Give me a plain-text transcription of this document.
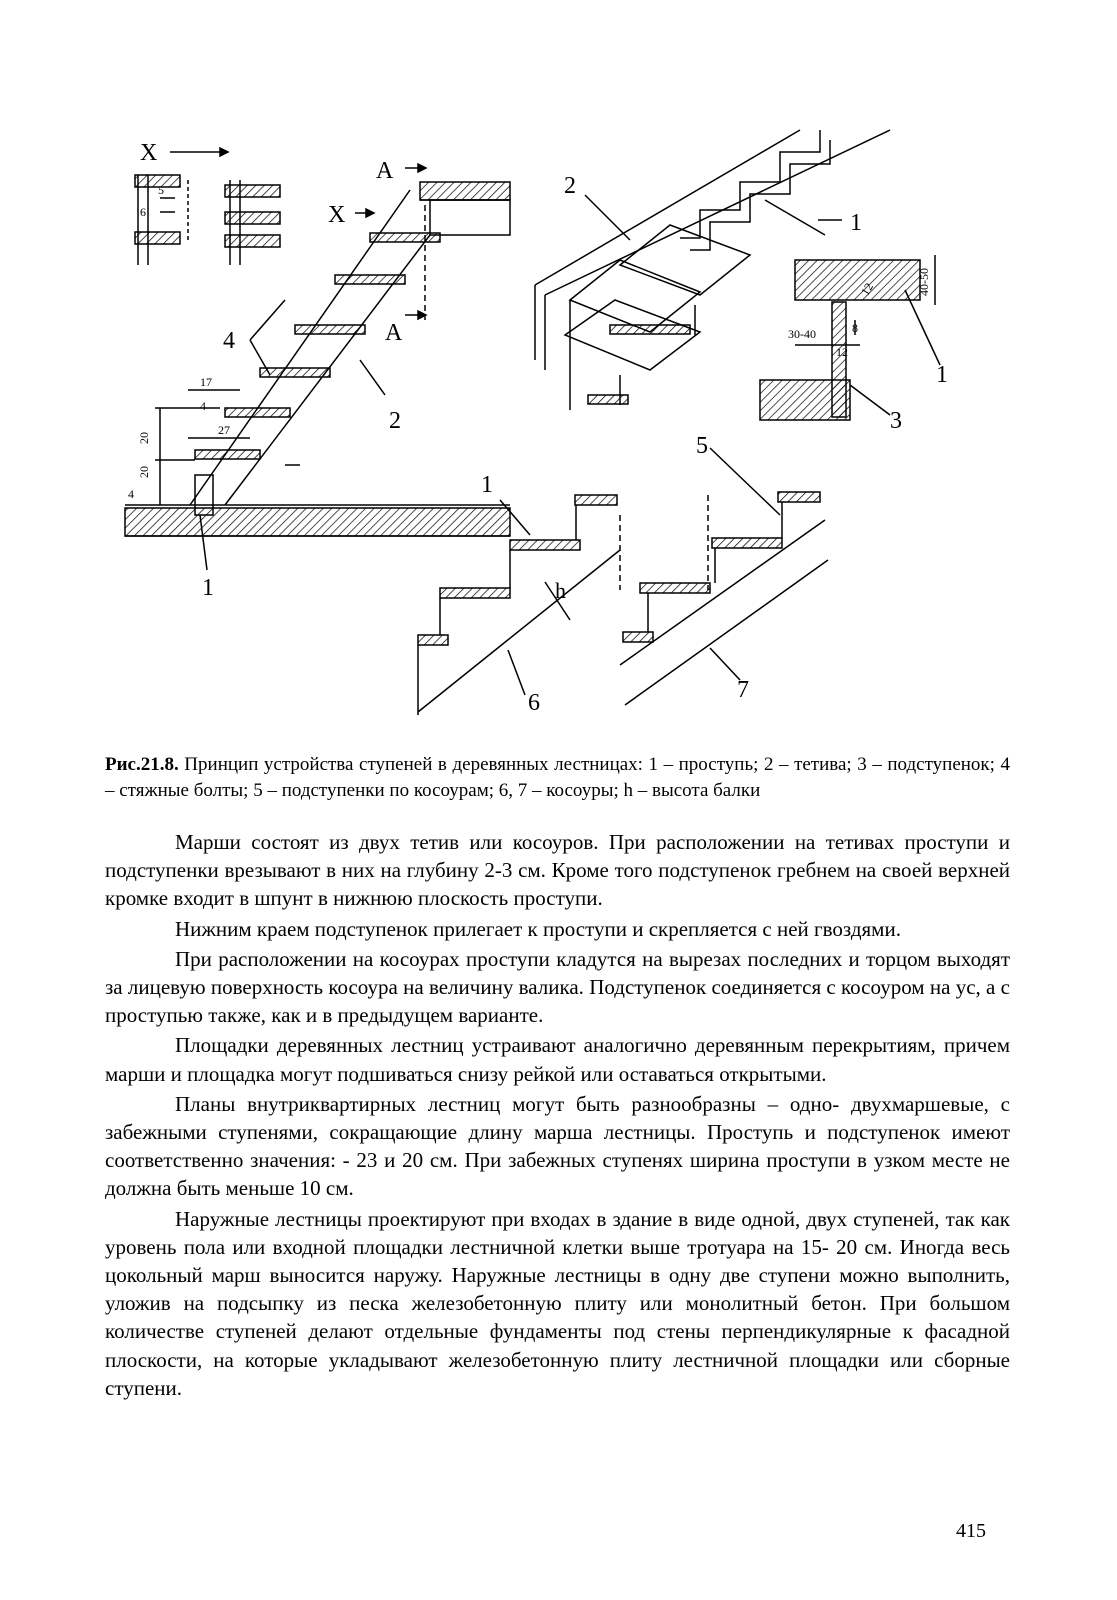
X
X
A
A
4
2
1
2
1
1
3
5
1
6	7
h
5
6
17
4
27
20
20
4
30-40
40-50
8
12
12
Рис.21.8. Принцип устройства ступеней в деревянных лестницах: 1 – проступь; 2 – тетива; 3 – подступенок; 4 – стяжные болты; 5 – подступенки по косоурам; 6, 7 – косоуры; h – высота балки

Марши состоят из двух тетив или косоуров. При расположении на тетивах проступи и подступенки врезывают в них на глубину 2-3 см. Кроме того подступенок гребнем на своей верхней кромке входит в шпунт в нижнюю плоскость проступи.

Нижним краем подступенок прилегает к проступи и скрепляется с ней гвоздями.

При расположении на косоурах проступи кладутся на вырезах последних и торцом выходят за лицевую поверхность косоура на величину валика. Подступенок соединяется с косоуром на ус, а с проступью также, как и в предыдущем варианте.

Площадки деревянных лестниц устраивают аналогично деревянным перекрытиям, причем марши и площадка могут подшиваться снизу рейкой или оставаться открытыми.

Планы внутриквартирных лестниц могут быть разнообразны – одно- двухмаршевые, с забежными ступенями, сокращающие длину марша лестницы. Проступь и подступенок имеют соответственно значения: - 23 и 20 см. При забежных ступенях ширина проступи в узком месте не должна быть меньше 10 см.

Наружные лестницы проектируют при входах в здание в виде одной, двух ступеней, так как уровень пола или входной площадки лестничной клетки выше тротуара на 15- 20 см. Иногда весь цокольный марш выносится наружу. Наружные лестницы в одну две ступени можно выполнить, уложив на подсыпку из песка железобетонную плиту или монолитный бетон. При большом количестве ступеней делают отдельные фундаменты под стены перпендикулярные к фасадной плоскости, на которые укладывают железобетонную плиту лестничной площадки или сборные ступени.

415
